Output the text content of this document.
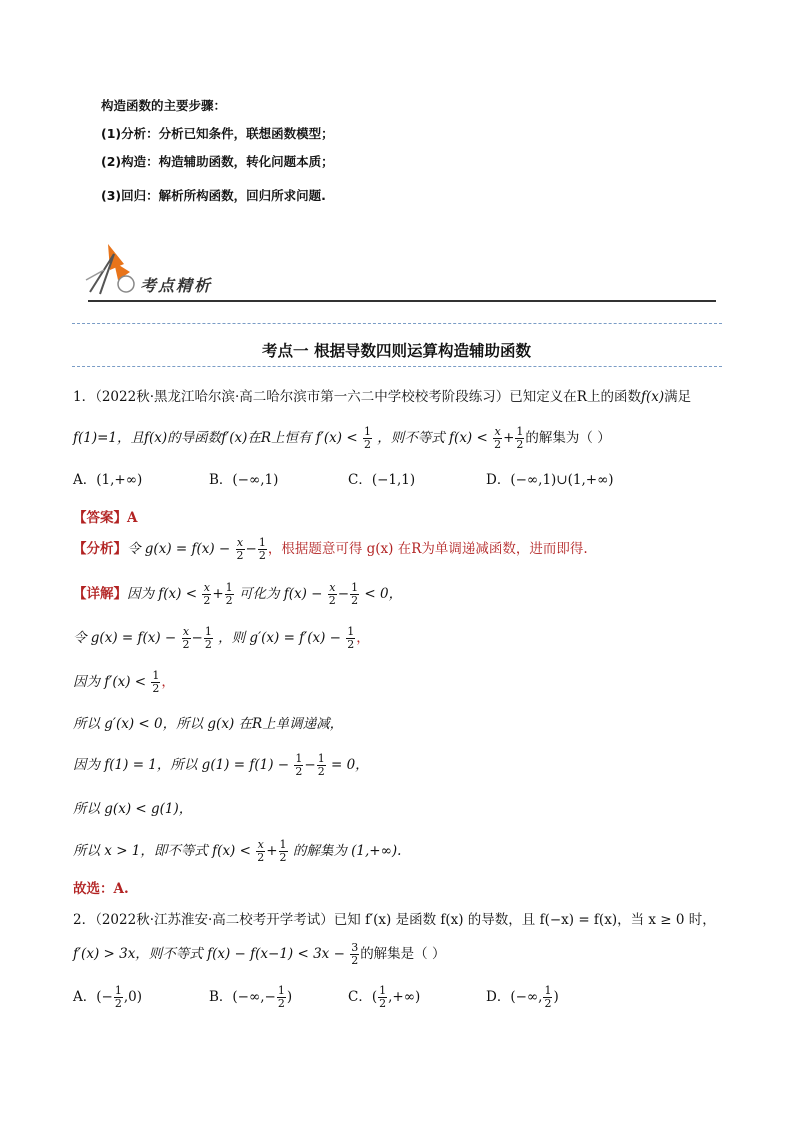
构造函数的主要步骤：
(1)分析：分析已知条件，联想函数模型；
(2)构造：构造辅助函数，转化问题本质；
(3)回归：解析所构函数，回归所求问题.
考点精析
考点一 根据导数四则运算构造辅助函数
1．（2022秋·黑龙江哈尔滨·高二哈尔滨市第一六二中学校校考阶段练习）已知定义在R上的函数f(x)满足
f(1)=1，且f(x)的导函数f′(x)在R上恒有 $f'(x) < \frac{1}{2}$ ，则不等式 $f(x) < \frac{x}{2} + \frac{1}{2}$ 的解集为（ ）
A．(1,+∞)	B．(−∞,1)	C．(−1,1)	D．(−∞,1)∪(1,+∞)
【答案】A
【分析】令 $g(x) = f(x) - \frac{x}{2} - \frac{1}{2}$ ，根据题意可得 g(x) 在R为单调递减函数，进而即得.
【详解】因为 $f(x) < \frac{x}{2} + \frac{1}{2}$ 可化为 $f(x) - \frac{x}{2} - \frac{1}{2} < 0$，
令 $g(x) = f(x) - \frac{x}{2} - \frac{1}{2}$ ，则 $g'(x) = f'(x) - \frac{1}{2}$ ，
因为 $f'(x) < \frac{1}{2}$ ，
所以 g′(x) < 0，所以 g(x) 在R上单调递减，
因为 f(1) = 1，所以 $g(1) = f(1) - \frac{1}{2} - \frac{1}{2} = 0$，
所以 g(x) < g(1)，
所以 x > 1，即不等式 $f(x) < \frac{x}{2} + \frac{1}{2}$ 的解集为 (1,+∞).
故选：A.
2．（2022秋·江苏淮安·高二校考开学考试）已知 f′(x) 是函数 f(x) 的导数，且 f(−x) = f(x)，当 x ≥ 0 时，
f′(x) > 3x，则不等式 $f(x) - f(x-1) < 3x - \frac{3}{2}$ 的解集是（ ）
A．(− $\frac{1}{2} ,0$)	B．(−∞,− $\frac{1}{2}$ )	C．( $\frac{1}{2}$ ,+∞)	D．(−∞, $\frac{1}{2}$ )
